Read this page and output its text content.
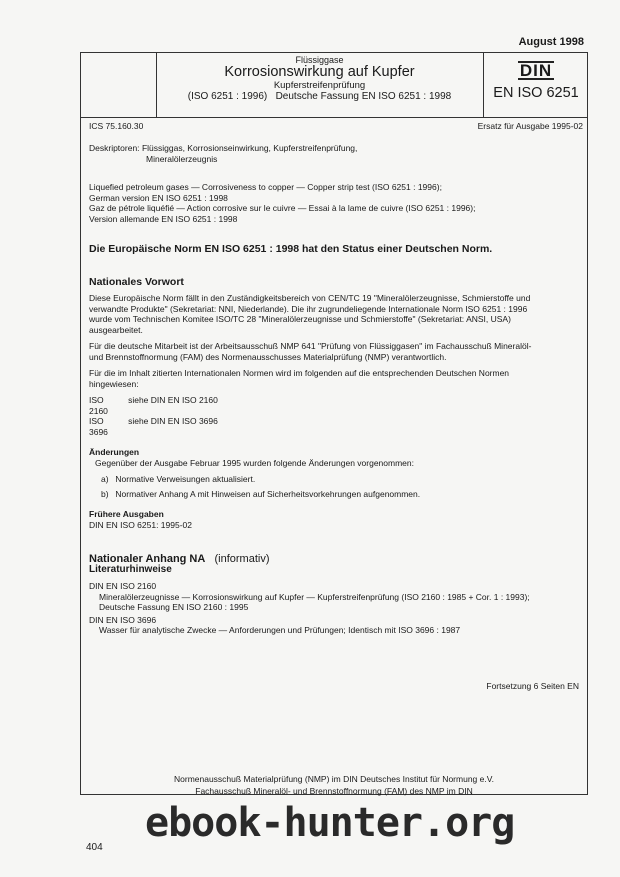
August 1998
Flüssiggase
Korrosionswirkung auf Kupfer
Kupferstreifenprüfung
(ISO 6251 : 1996) Deutsche Fassung EN ISO 6251 : 1998
DIN
EN ISO 6251
ICS 75.160.30	Ersatz für Ausgabe 1995-02
Deskriptoren: Flüssiggas, Korrosionseinwirkung, Kupferstreifenprüfung,
Mineralölerzeugnis
Liquefied petroleum gases — Corrosiveness to copper — Copper strip test (ISO 6251 : 1996);
German version EN ISO 6251 : 1998
Gaz de pétrole liquéfié — Action corrosive sur le cuivre — Essai à la lame de cuivre (ISO 6251 : 1996);
Version allemande EN ISO 6251 : 1998
Die Europäische Norm EN ISO 6251 : 1998 hat den Status einer Deutschen Norm.
Nationales Vorwort
Diese Europäische Norm fällt in den Zuständigkeitsbereich von CEN/TC 19 "Mineralölerzeugnisse, Schmierstoffe und
verwandte Produkte" (Sekretariat: NNI, Niederlande). Die ihr zugrundeliegende Internationale Norm ISO 6251 : 1996
wurde vom Technischen Komitee ISO/TC 28 "Mineralölerzeugnisse und Schmierstoffe" (Sekretariat: ANSI, USA)
ausgearbeitet.
Für die deutsche Mitarbeit ist der Arbeitsausschuß NMP 641 "Prüfung von Flüssiggasen" im Fachausschuß Mineralöl-
und Brennstoffnormung (FAM) des Normenausschusses Materialprüfung (NMP) verantwortlich.
Für die im Inhalt zitierten Internationalen Normen wird im folgenden auf die entsprechenden Deutschen Normen
hingewiesen:
ISO 2160

siehe DIN EN ISO 2160
ISO 3696

siehe DIN EN ISO 3696
Änderungen
Gegenüber der Ausgabe Februar 1995 wurden folgende Änderungen vorgenommen:
a)
Normative Verweisungen aktualisiert.
b)
Normativer Anhang A mit Hinweisen auf Sicherheitsvorkehrungen aufgenommen.
Frühere Ausgaben
DIN EN ISO 6251: 1995-02
Nationaler Anhang NA (informativ)
Literaturhinweise
DIN EN ISO 2160
Mineralölerzeugnisse — Korrosionswirkung auf Kupfer — Kupferstreifenprüfung (ISO 2160 : 1985 + Cor. 1 : 1993);
Deutsche Fassung EN ISO 2160 : 1995
DIN EN ISO 3696
Wasser für analytische Zwecke — Anforderungen und Prüfungen; Identisch mit ISO 3696 : 1987
Fortsetzung 6 Seiten EN
Normenausschuß Materialprüfung (NMP) im DIN Deutsches Institut für Normung e.V.
Fachausschuß Mineralöl- und Brennstoffnormung (FAM) des NMP im DIN
404
ebook-hunter.org
